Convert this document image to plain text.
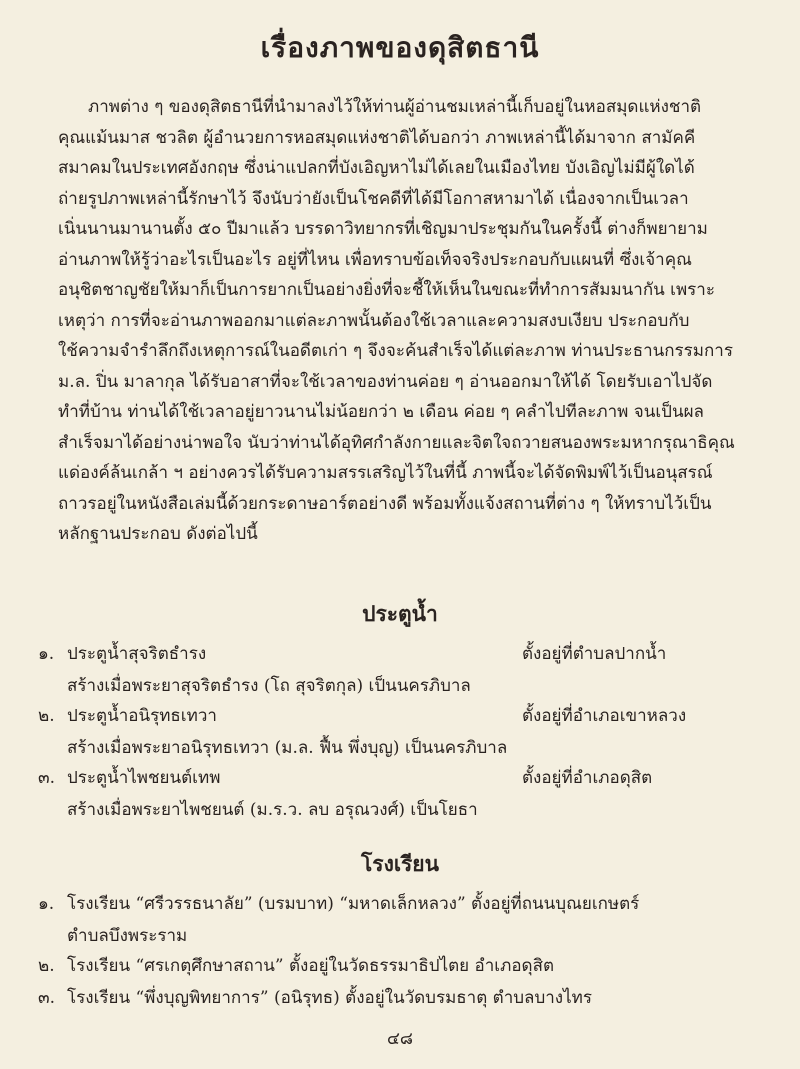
เรื่องภาพของดุสิตธานี
ภาพต่าง ๆ ของดุสิตธานีที่นำมาลงไว้ให้ท่านผู้อ่านชมเหล่านี้เก็บอยู่ในหอสมุดแห่งชาติ
คุณแม้นมาส ชวลิต ผู้อำนวยการหอสมุดแห่งชาติได้บอกว่า ภาพเหล่านี้ได้มาจาก สามัคคี
สมาคมในประเทศอังกฤษ ซึ่งน่าแปลกที่บังเอิญหาไม่ได้เลยในเมืองไทย บังเอิญไม่มีผู้ใดได้
ถ่ายรูปภาพเหล่านี้รักษาไว้ จึงนับว่ายังเป็นโชคดีที่ได้มีโอกาสหามาได้ เนื่องจากเป็นเวลา
เนิ่นนานมานานตั้ง ๕๐ ปีมาแล้ว บรรดาวิทยากรที่เชิญมาประชุมกันในครั้งนี้ ต่างก็พยายาม
อ่านภาพให้รู้ว่าอะไรเป็นอะไร อยู่ที่ไหน เพื่อทราบข้อเท็จจริงประกอบกับแผนที่ ซึ่งเจ้าคุณ
อนุชิตชาญชัยให้มาก็เป็นการยากเป็นอย่างยิ่งที่จะชี้ให้เห็นในขณะที่ทำการสัมมนากัน เพราะ
เหตุว่า การที่จะอ่านภาพออกมาแต่ละภาพนั้นต้องใช้เวลาและความสงบเงียบ ประกอบกับ
ใช้ความจำรำลึกถึงเหตุการณ์ในอดีตเก่า ๆ จึงจะค้นสำเร็จได้แต่ละภาพ ท่านประธานกรรมการ
ม.ล. ปิ่น มาลากุล ได้รับอาสาที่จะใช้เวลาของท่านค่อย ๆ อ่านออกมาให้ได้ โดยรับเอาไปจัด
ทำที่บ้าน ท่านได้ใช้เวลาอยู่ยาวนานไม่น้อยกว่า ๒ เดือน ค่อย ๆ คลำไปทีละภาพ จนเป็นผล
สำเร็จมาได้อย่างน่าพอใจ นับว่าท่านได้อุทิศกำลังกายและจิตใจถวายสนองพระมหากรุณาธิคุณ
แด่องค์ล้นเกล้า ฯ อย่างควรได้รับความสรรเสริญไว้ในที่นี้ ภาพนี้จะได้จัดพิมพ์ไว้เป็นอนุสรณ์
ถาวรอยู่ในหนังสือเล่มนี้ด้วยกระดาษอาร์ตอย่างดี พร้อมทั้งแจ้งสถานที่ต่าง ๆ ให้ทราบไว้เป็น
หลักฐานประกอบ ดังต่อไปนี้
ประตูน้ำ
๑. ประตูน้ำสุจริตธำรง	ตั้งอยู่ที่ตำบลปากน้ำ
สร้างเมื่อพระยาสุจริตธำรง (โถ สุจริตกุล) เป็นนครภิบาล
๒. ประตูน้ำอนิรุทธเทวา	ตั้งอยู่ที่อำเภอเขาหลวง
สร้างเมื่อพระยาอนิรุทธเทวา (ม.ล. ฟื้น พึ่งบุญ) เป็นนครภิบาล
๓. ประตูน้ำไพชยนต์เทพ	ตั้งอยู่ที่อำเภอดุสิต
สร้างเมื่อพระยาไพชยนต์ (ม.ร.ว. ลบ อรุณวงศ์) เป็นโยธา
โรงเรียน
๑. โรงเรียน “ศรีวรรธนาลัย” (บรมบาท) “มหาดเล็กหลวง” ตั้งอยู่ที่ถนนบุณยเกษตร์
ตำบลบึงพระราม
๒. โรงเรียน “ศรเกตุศึกษาสถาน” ตั้งอยู่ในวัดธรรมาธิปไตย อำเภอดุสิต
๓. โรงเรียน “พึ่งบุญพิทยาการ” (อนิรุทธ) ตั้งอยู่ในวัดบรมธาตุ ตำบลบางไทร
๔๘
